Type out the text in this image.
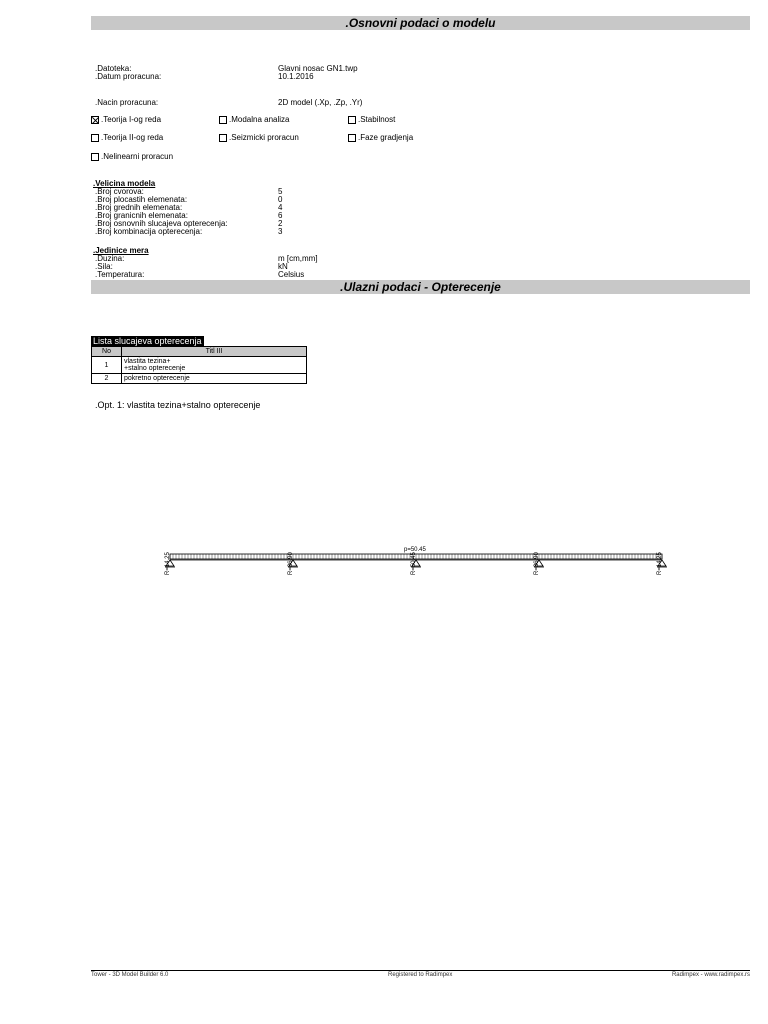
.Osnovni podaci o modelu
.Datoteka:	Glavni nosac GN1.twp
.Datum proracuna:	10.1.2016
.Nacin proracuna:	2D model (.Xp, .Zp, .Yr)
.Teorija I-og reda	.Modalna analiza	.Stabilnost
.Teorija II-og reda	.Seizmicki proracun	.Faze gradjenja
.Nelinearni proracun
.Velicina modela
.Broj cvorova:	5
.Broj plocastih elemenata:	0
.Broj grednih elemenata:	4
.Broj granicnih elemenata:	6
.Broj osnovnih slucajeva opterecenja:	2
.Broj kombinacija opterecenja:	3
.Jedinice mera
.Duzina:	m [cm,mm]
.Sila:	kN
.Temperatura:	Celsius
.Ulazni podaci - Opterecenje
Lista slucajeva opterecenja
No	Titl III
1	vlastita tezina+
+stalno opterecenje

2	pokretno opterecenje
.Opt. 1: vlastita tezina+stalno opterecenje
R=14.25	R=36.90	R=50.45	R=36.90	R=14.25
p=50.45
Tower - 3D Model Builder 6.0	Registered to Radimpex	Radimpex - www.radimpex.rs
